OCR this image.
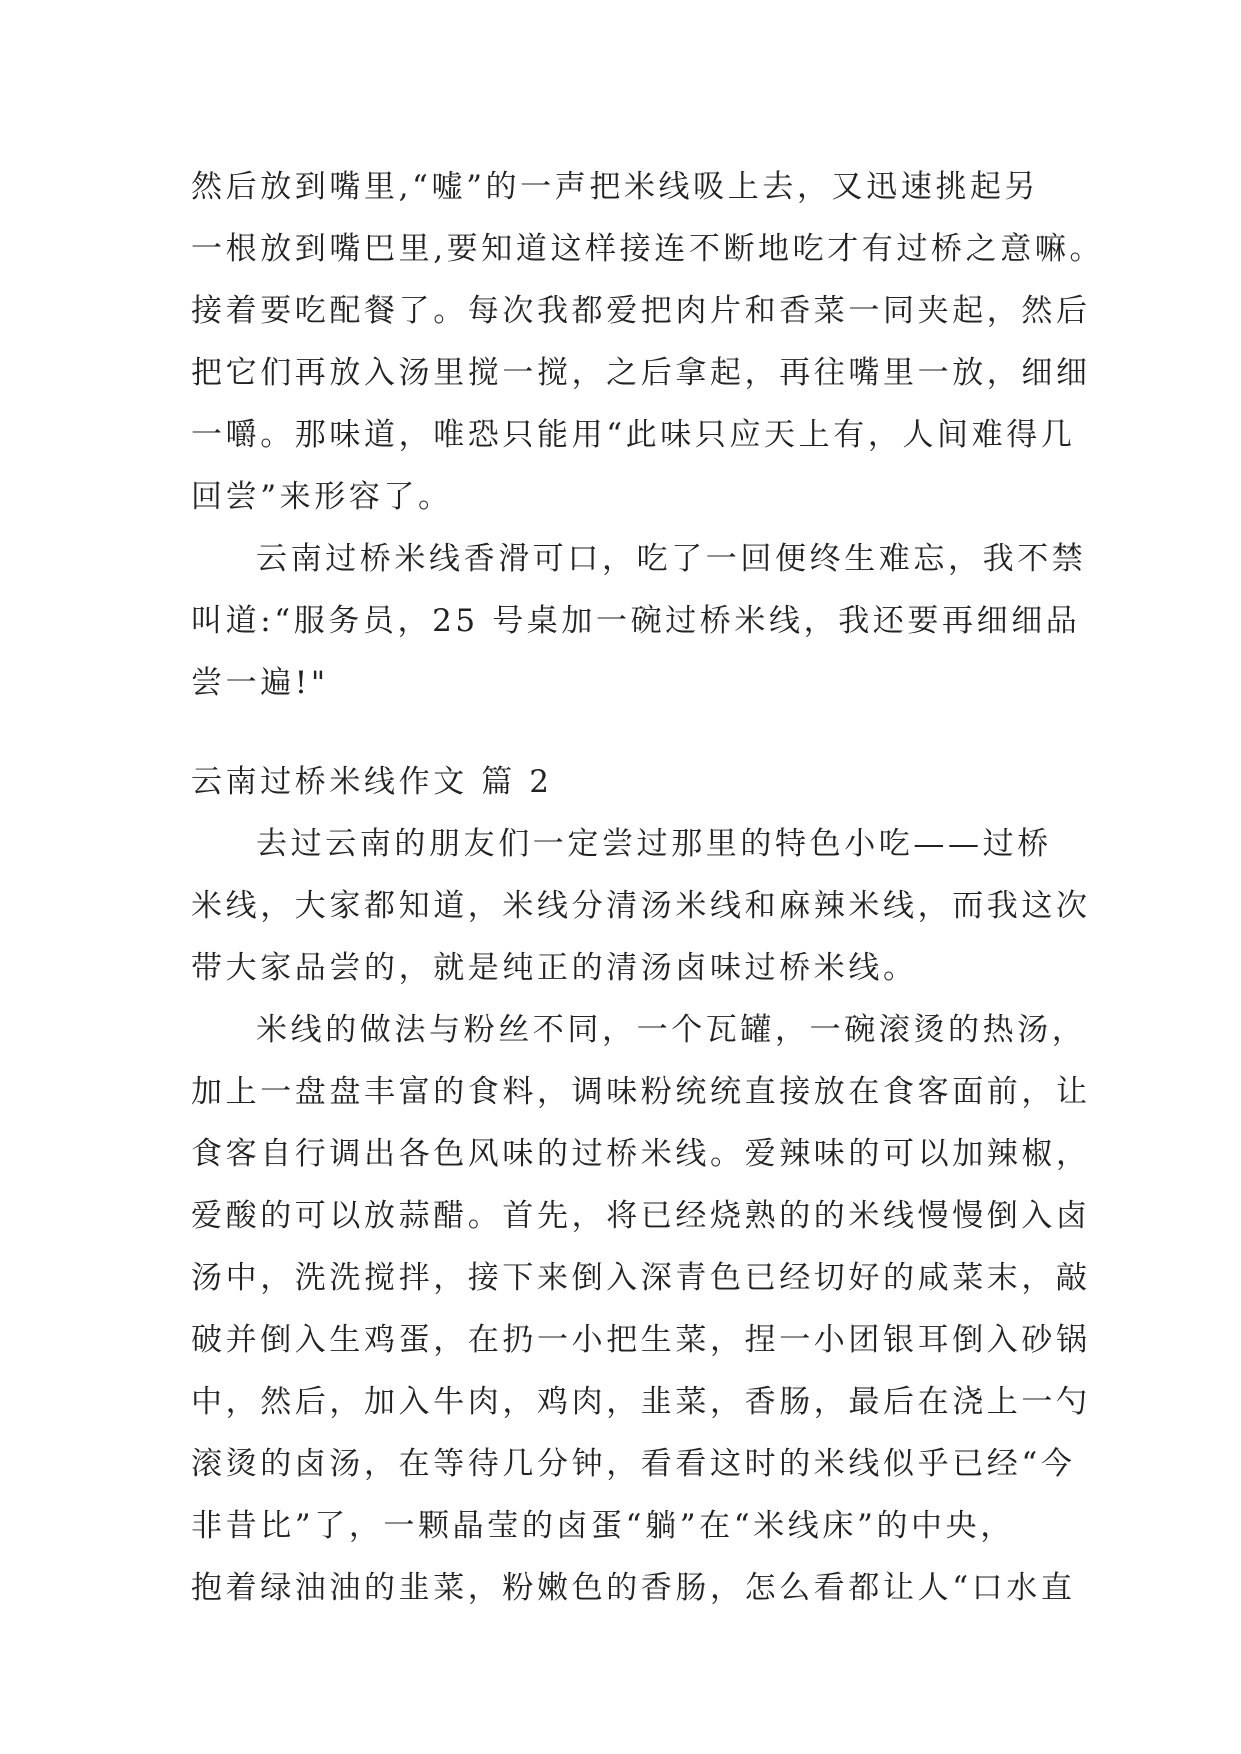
然后放到嘴里,“嘘”的一声把米线吸上去，又迅速挑起另
一根放到嘴巴里,要知道这样接连不断地吃才有过桥之意嘛。
接着要吃配餐了。每次我都爱把肉片和香菜一同夹起，然后
把它们再放入汤里搅一搅，之后拿起，再往嘴里一放，细细
一嚼。那味道，唯恐只能用“此味只应天上有，人间难得几
回尝”来形容了。
云南过桥米线香滑可口，吃了一回便终生难忘，我不禁
叫道:“服务员，25 号桌加一碗过桥米线，我还要再细细品
尝一遍!"
云南过桥米线作文 篇 2
去过云南的朋友们一定尝过那里的特色小吃——过桥
米线，大家都知道，米线分清汤米线和麻辣米线，而我这次
带大家品尝的，就是纯正的清汤卤味过桥米线。
米线的做法与粉丝不同，一个瓦罐，一碗滚烫的热汤，
加上一盘盘丰富的食料，调味粉统统直接放在食客面前，让
食客自行调出各色风味的过桥米线。爱辣味的可以加辣椒，
爱酸的可以放蒜醋。首先，将已经烧熟的的米线慢慢倒入卤
汤中，洗洗搅拌，接下来倒入深青色已经切好的咸菜末，敲
破并倒入生鸡蛋，在扔一小把生菜，捏一小团银耳倒入砂锅
中，然后，加入牛肉，鸡肉，韭菜，香肠，最后在浇上一勺
滚烫的卤汤，在等待几分钟，看看这时的米线似乎已经“今
非昔比”了，一颗晶莹的卤蛋“躺”在“米线床”的中央，
抱着绿油油的韭菜，粉嫩色的香肠，怎么看都让人“口水直
